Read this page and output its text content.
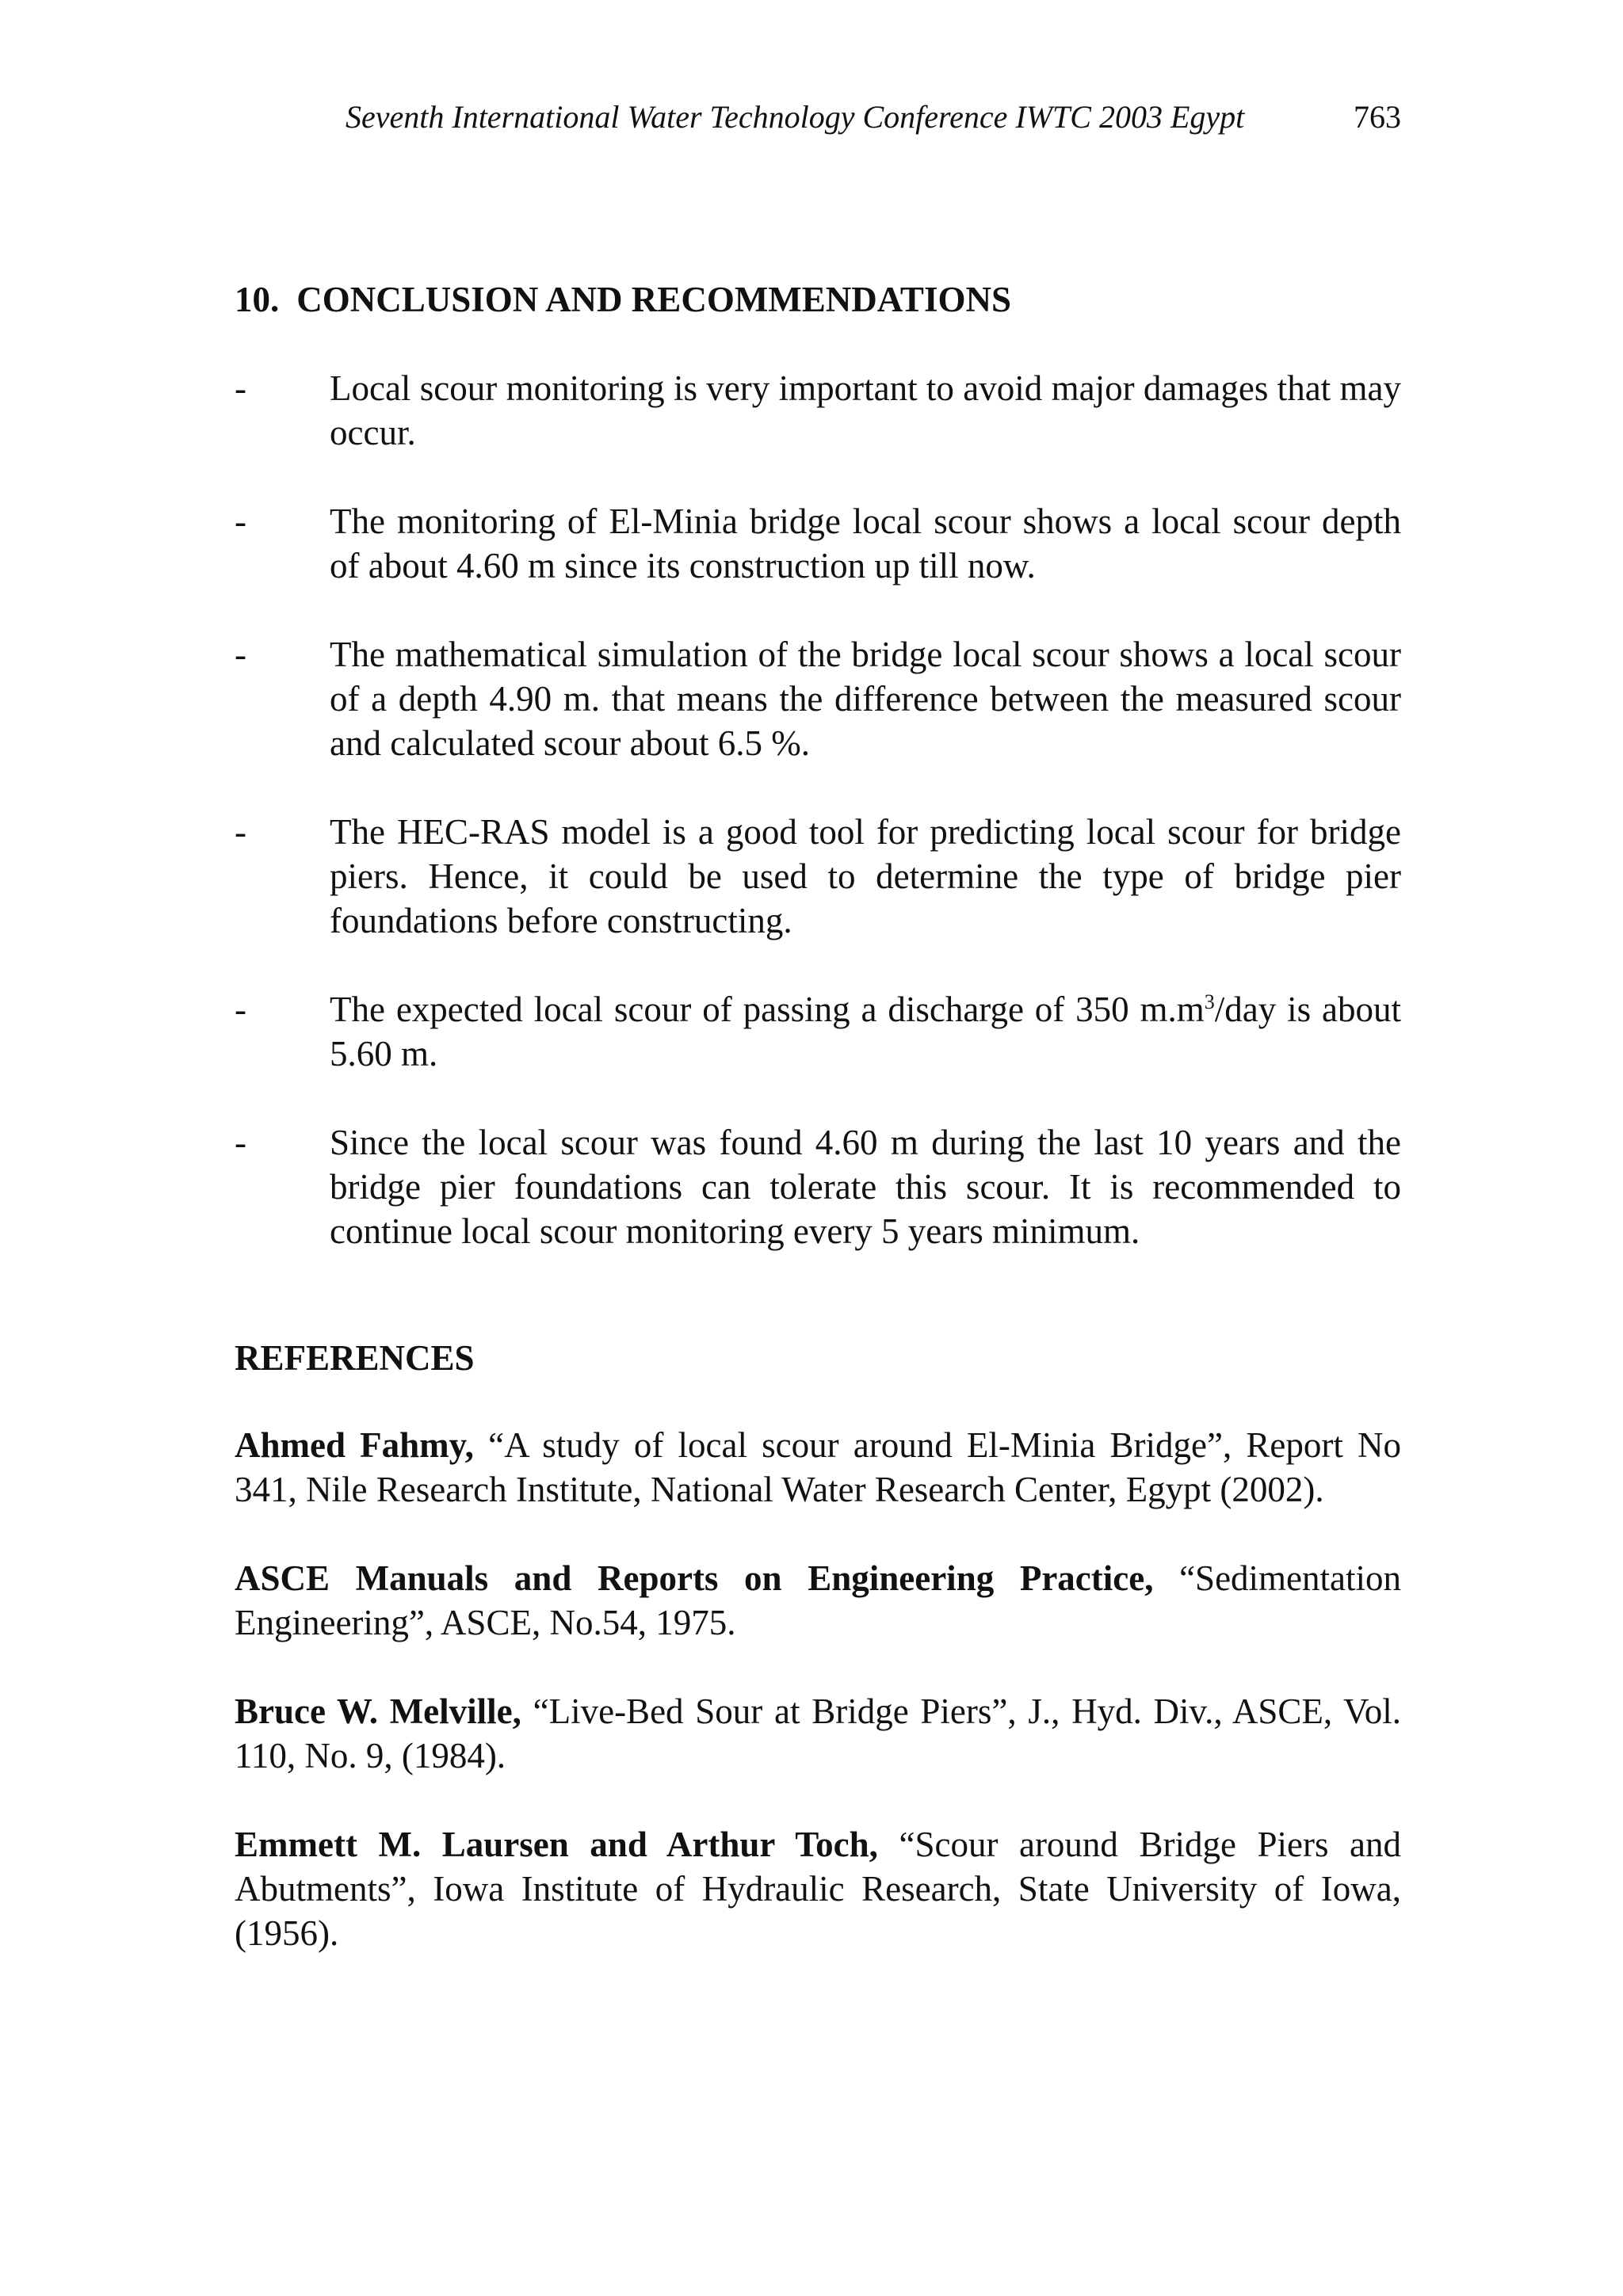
Seventh International Water Technology Conference IWTC 2003 Egypt	763
10. CONCLUSION AND RECOMMENDATIONS
- Local scour monitoring is very important to avoid major damages that may occur.
- The monitoring of El-Minia bridge local scour shows a local scour depth of about 4.60 m since its construction up till now.
- The mathematical simulation of the bridge local scour shows a local scour of a depth 4.90 m. that means the difference between the measured scour and calculated scour about 6.5 %.
- The HEC-RAS model is a good tool for predicting local scour for bridge piers. Hence, it could be used to determine the type of bridge pier foundations before constructing.
- The expected local scour of passing a discharge of 350 $m.m^3$/day is about 5.60 m.
- Since the local scour was found 4.60 m during the last 10 years and the bridge pier foundations can tolerate this scour. It is recommended to continue local scour monitoring every 5 years minimum.
REFERENCES
Ahmed Fahmy, “A study of local scour around El-Minia Bridge”, Report No 341, Nile Research Institute, National Water Research Center, Egypt (2002).
ASCE Manuals and Reports on Engineering Practice, “Sedimentation Engineering”, ASCE, No.54, 1975.
Bruce W. Melville, “Live-Bed Sour at Bridge Piers”, J., Hyd. Div., ASCE, Vol. 110, No. 9, (1984).
Emmett M. Laursen and Arthur Toch, “Scour around Bridge Piers and Abutments”, Iowa Institute of Hydraulic Research, State University of Iowa, (1956).
